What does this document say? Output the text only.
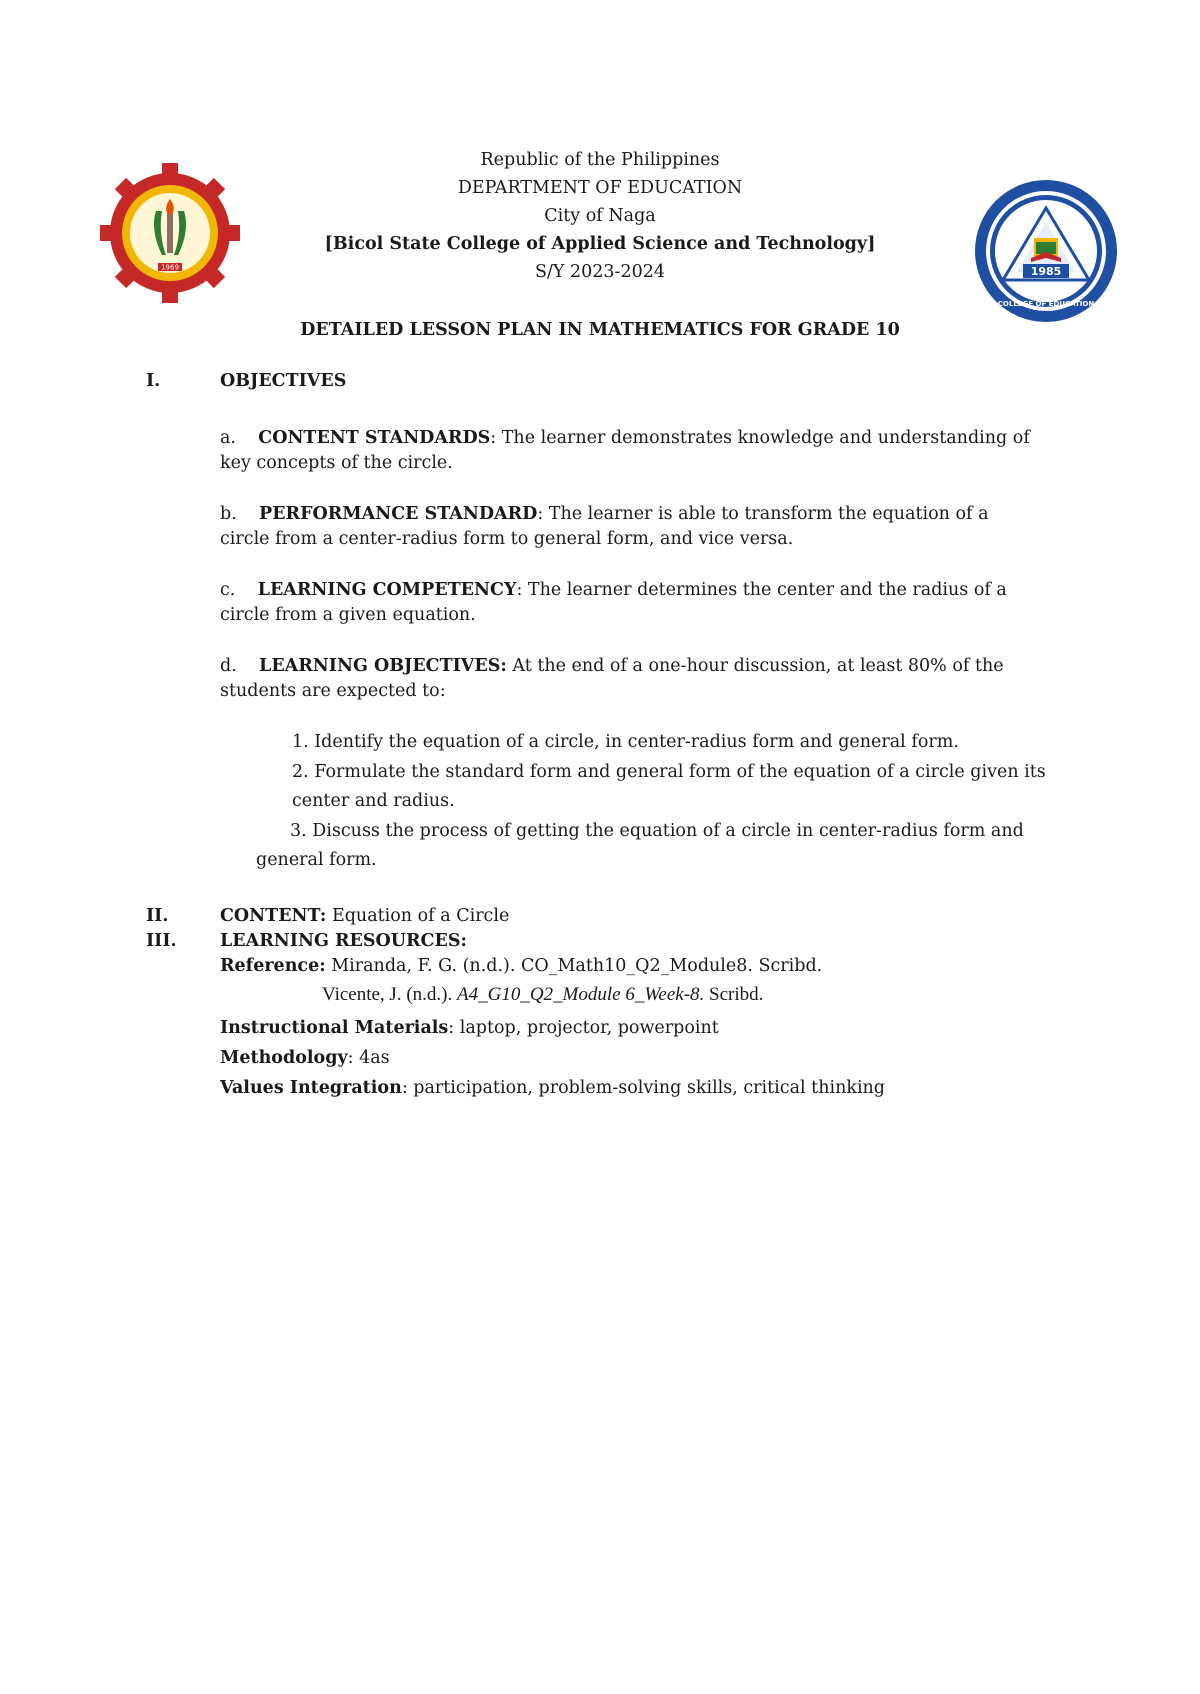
1969	1985
COLLEGE OF EDUCATION
Republic of the Philippines
DEPARTMENT OF EDUCATION
City of Naga
[Bicol State College of Applied Science and Technology]
S/Y 2023-2024
DETAILED LESSON PLAN IN MATHEMATICS FOR GRADE 10
I.	OBJECTIVES
a. CONTENT STANDARDS: The learner demonstrates knowledge and understanding of
key concepts of the circle.
b. PERFORMANCE STANDARD: The learner is able to transform the equation of a
circle from a center-radius form to general form, and vice versa.
c. LEARNING COMPETENCY: The learner determines the center and the radius of a
circle from a given equation.
d. LEARNING OBJECTIVES: At the end of a one-hour discussion, at least 80% of the
students are expected to:
1. Identify the equation of a circle, in center-radius form and general form.
2. Formulate the standard form and general form of the equation of a circle given its
center and radius.
3. Discuss the process of getting the equation of a circle in center-radius form and
general form.
II.	CONTENT: Equation of a Circle
III. LEARNING RESOURCES:
Reference: Miranda, F. G. (n.d.). CO_Math10_Q2_Module8. Scribd.
Vicente, J. (n.d.). A4_G10_Q2_Module 6_Week-8. Scribd.
Instructional Materials: laptop, projector, powerpoint
Methodology: 4as
Values Integration: participation, problem-solving skills, critical thinking
